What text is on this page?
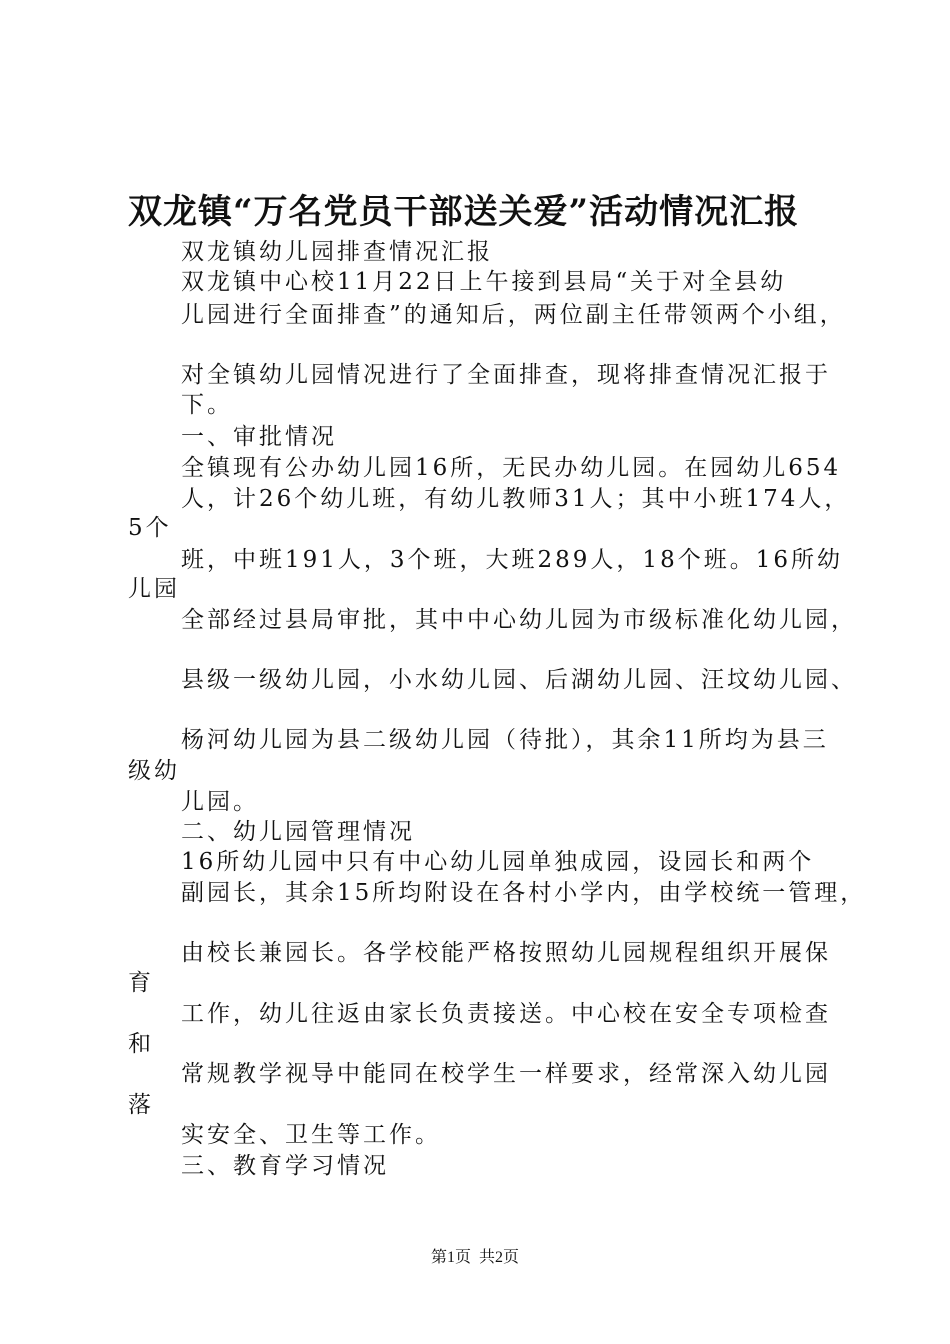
双龙镇“万名党员干部送关爱”活动情况汇报
双龙镇幼儿园排查情况汇报
双龙镇中心校11月22日上午接到县局“关于对全县幼
儿园进行全面排查”的通知后，两位副主任带领两个小组，
对全镇幼儿园情况进行了全面排查，现将排查情况汇报于
下。
一、审批情况
全镇现有公办幼儿园16所，无民办幼儿园。在园幼儿654
人，计26个幼儿班，有幼儿教师31人；其中小班174人，
5个
班，中班191人，3个班，大班289人，18个班。16所幼
儿园
全部经过县局审批，其中中心幼儿园为市级标准化幼儿园，
县级一级幼儿园，小水幼儿园、后湖幼儿园、汪坟幼儿园、
杨河幼儿园为县二级幼儿园（待批），其余11所均为县三
级幼
儿园。
二、幼儿园管理情况
16所幼儿园中只有中心幼儿园单独成园，设园长和两个
副园长，其余15所均附设在各村小学内，由学校统一管理，
由校长兼园长。各学校能严格按照幼儿园规程组织开展保
育
工作，幼儿往返由家长负责接送。中心校在安全专项检查
和
常规教学视导中能同在校学生一样要求，经常深入幼儿园
落
实安全、卫生等工作。
三、教育学习情况
第1页 共2页
